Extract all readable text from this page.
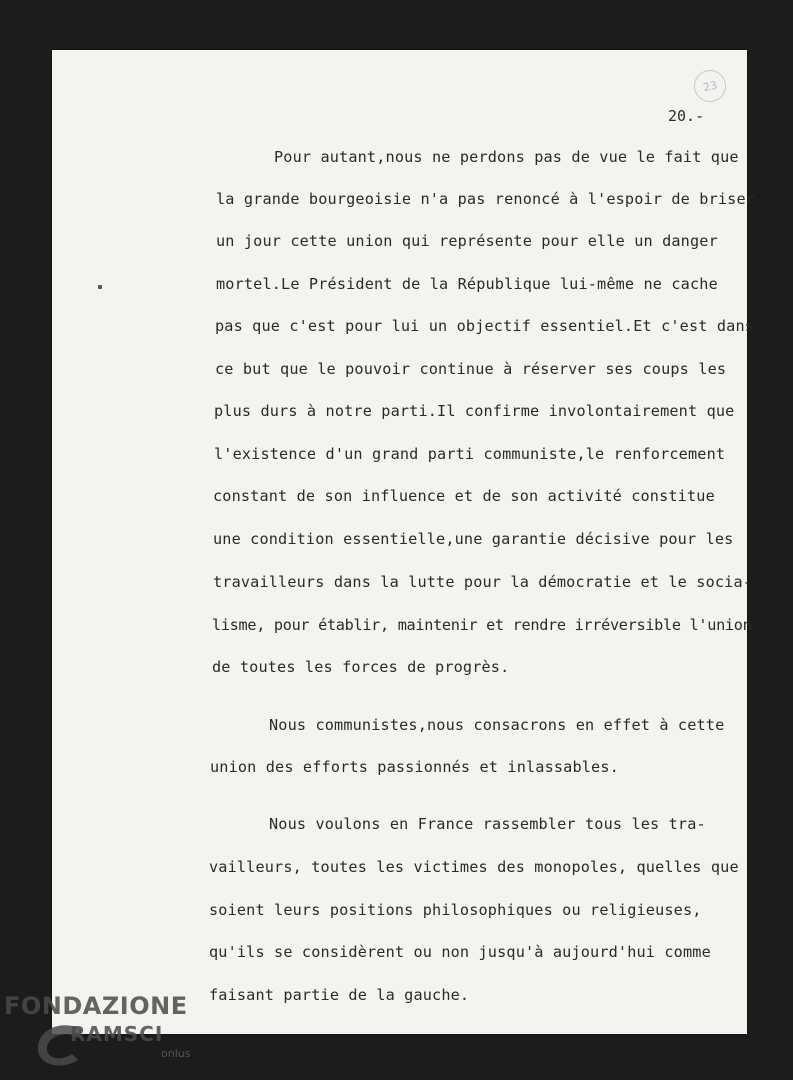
23
20.-
Pour autant,nous ne perdons pas de vue le fait que
la grande bourgeoisie n'a pas renoncé à l'espoir de briser
un jour cette union qui représente pour elle un danger
mortel.Le Président de la République lui-même ne cache
pas que c'est pour lui un objectif essentiel.Et c'est dans
ce but que le pouvoir continue à réserver ses coups les
plus durs à notre parti.Il confirme involontairement que
l'existence d'un grand parti communiste,le renforcement
constant de son influence et de son activité constitue
une condition essentielle,une garantie décisive pour les
travailleurs dans la lutte pour la démocratie et le socia-
lisme, pour établir, maintenir et rendre irréversible l'union
de toutes les forces de progrès.
Nous communistes,nous consacrons en effet à cette
union des efforts passionnés et inlassables.
Nous voulons en France rassembler tous les tra-
vailleurs, toutes les victimes des monopoles, quelles que
soient leurs positions philosophiques ou religieuses,
qu'ils se considèrent ou non jusqu'à aujourd'hui comme
faisant partie de la gauche.
FONDAZIONE
RAMSCI
onlus
